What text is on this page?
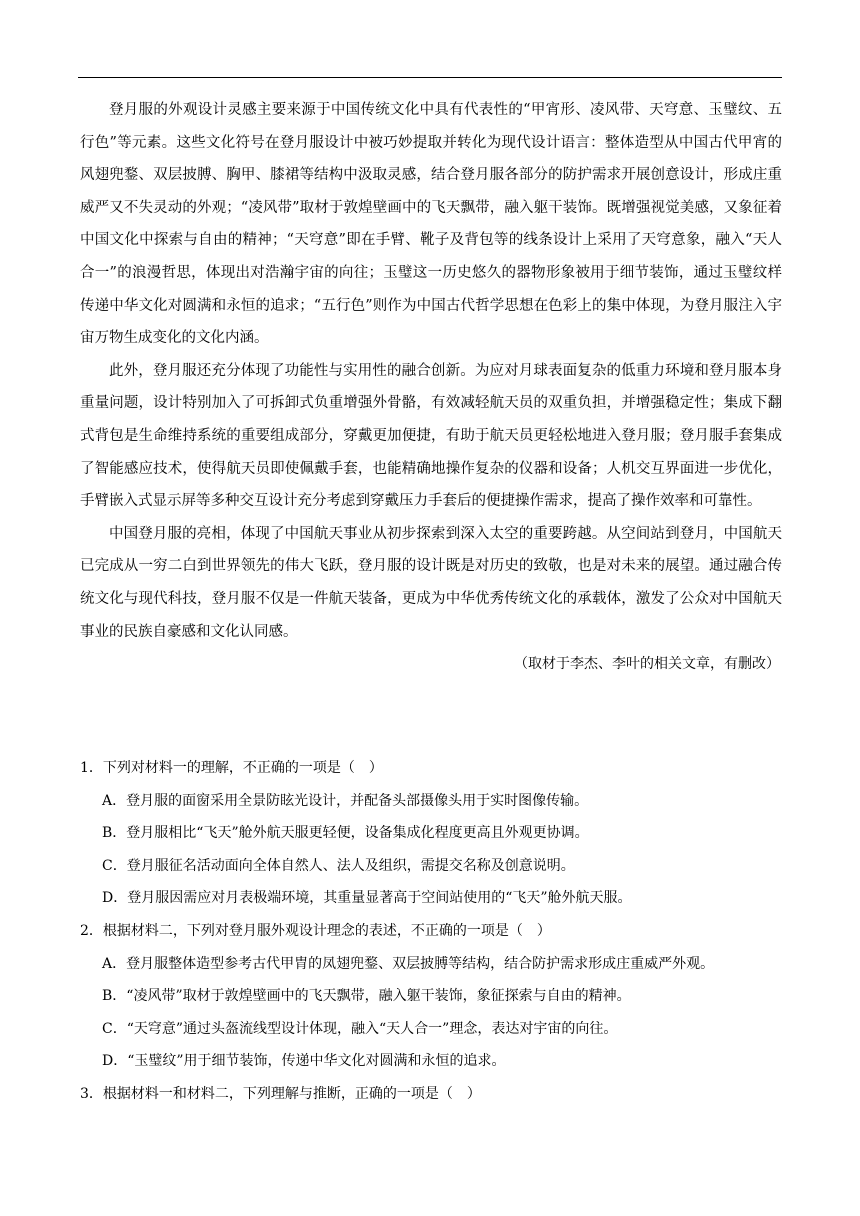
登月服的外观设计灵感主要来源于中国传统文化中具有代表性的“甲宵形、凌风带、天穹意、玉璧纹、五行色”等元素。这些文化符号在登月服设计中被巧妙提取并转化为现代设计语言：整体造型从中国古代甲宵的风翅兜鍪、双层披膊、胸甲、膝裙等结构中汲取灵感，结合登月服各部分的防护需求开展创意设计，形成庄重威严又不失灵动的外观；“凌风带”取材于敦煌壁画中的飞天飘带，融入躯干装饰。既增强视觉美感，又象征着中国文化中探索与自由的精神；“天穹意”即在手臂、靴子及背包等的线条设计上采用了天穹意象，融入“天人合一”的浪漫哲思，体现出对浩瀚宇宙的向往；玉璧这一历史悠久的器物形象被用于细节装饰，通过玉璧纹样传递中华文化对圆满和永恒的追求；“五行色”则作为中国古代哲学思想在色彩上的集中体现，为登月服注入宇宙万物生成变化的文化内涵。

此外，登月服还充分体现了功能性与实用性的融合创新。为应对月球表面复杂的低重力环境和登月服本身重量问题，设计特别加入了可拆卸式负重增强外骨骼，有效减轻航天员的双重负担，并增强稳定性；集成下翻式背包是生命维持系统的重要组成部分，穿戴更加便捷，有助于航天员更轻松地进入登月服；登月服手套集成了智能感应技术，使得航天员即使佩戴手套，也能精确地操作复杂的仪器和设备；人机交互界面进一步优化，手臂嵌入式显示屏等多种交互设计充分考虑到穿戴压力手套后的便捷操作需求，提高了操作效率和可靠性。

中国登月服的亮相，体现了中国航天事业从初步探索到深入太空的重要跨越。从空间站到登月，中国航天已完成从一穷二白到世界领先的伟大飞跃，登月服的设计既是对历史的致敬，也是对未来的展望。通过融合传统文化与现代科技，登月服不仅是一件航天装备，更成为中华优秀传统文化的承载体，激发了公众对中国航天事业的民族自豪感和文化认同感。

（取材于李杰、李叶的相关文章，有删改）

1．下列对材料一的理解，不正确的一项是（　）

A．登月服的面窗采用全景防眩光设计，并配备头部摄像头用于实时图像传输。

B．登月服相比“飞天”舱外航天服更轻便，设备集成化程度更高且外观更协调。

C．登月服征名活动面向全体自然人、法人及组织，需提交名称及创意说明。

D．登月服因需应对月表极端环境，其重量显著高于空间站使用的“飞天”舱外航天服。

2．根据材料二，下列对登月服外观设计理念的表述，不正确的一项是（　）

A．登月服整体造型参考古代甲胄的凤翅兜鍪、双层披膊等结构，结合防护需求形成庄重威严外观。

B．“凌风带”取材于敦煌壁画中的飞天飘带，融入躯干装饰，象征探索与自由的精神。

C．“天穹意”通过头盔流线型设计体现，融入“天人合一”理念，表达对宇宙的向往。

D．“玉璧纹”用于细节装饰，传递中华文化对圆满和永恒的追求。

3．根据材料一和材料二，下列理解与推断，正确的一项是（　）
